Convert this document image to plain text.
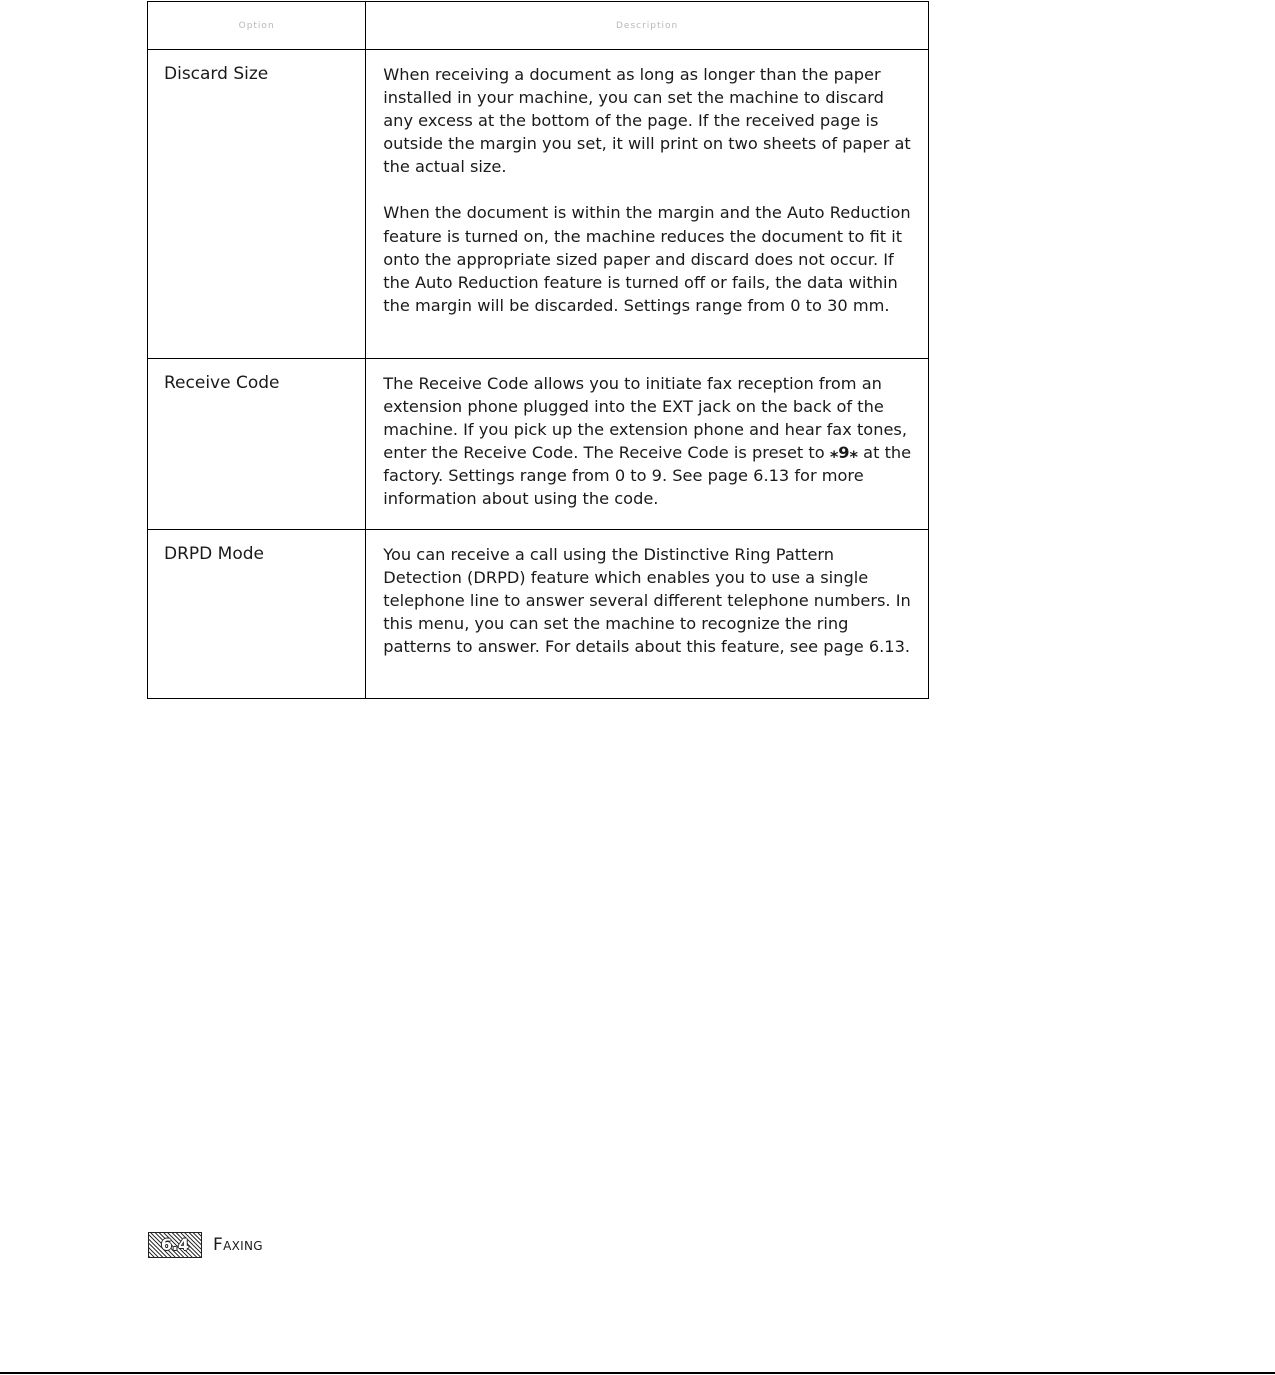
Option	Description
Discard Size	When receiving a document as long as longer than the paper installed in your machine, you can set the machine to discard any excess at the bottom of the page. If the received page is outside the margin you set, it will print on two sheets of paper at the actual size.

When the document is within the margin and the Auto Reduction feature is turned on, the machine reduces the document to fit it onto the appropriate sized paper and discard does not occur. If the Auto Reduction feature is turned off or fails, the data within the margin will be discarded. Settings range from 0 to 30 mm.

Receive Code	The Receive Code allows you to initiate fax reception from an extension phone plugged into the EXT jack on the back of the machine. If you pick up the extension phone and hear fax tones, enter the Receive Code. The Receive Code is preset to ⁎9⁎ at the factory. Settings range from 0 to 9. See page 6.13 for more information about using the code.
DRPD Mode	You can receive a call using the Distinctive Ring Pattern Detection (DRPD) feature which enables you to use a single telephone line to answer several different telephone numbers. In this menu, you can set the machine to recognize the ring patterns to answer. For details about this feature, see page 6.13.
6.4	Faxing
